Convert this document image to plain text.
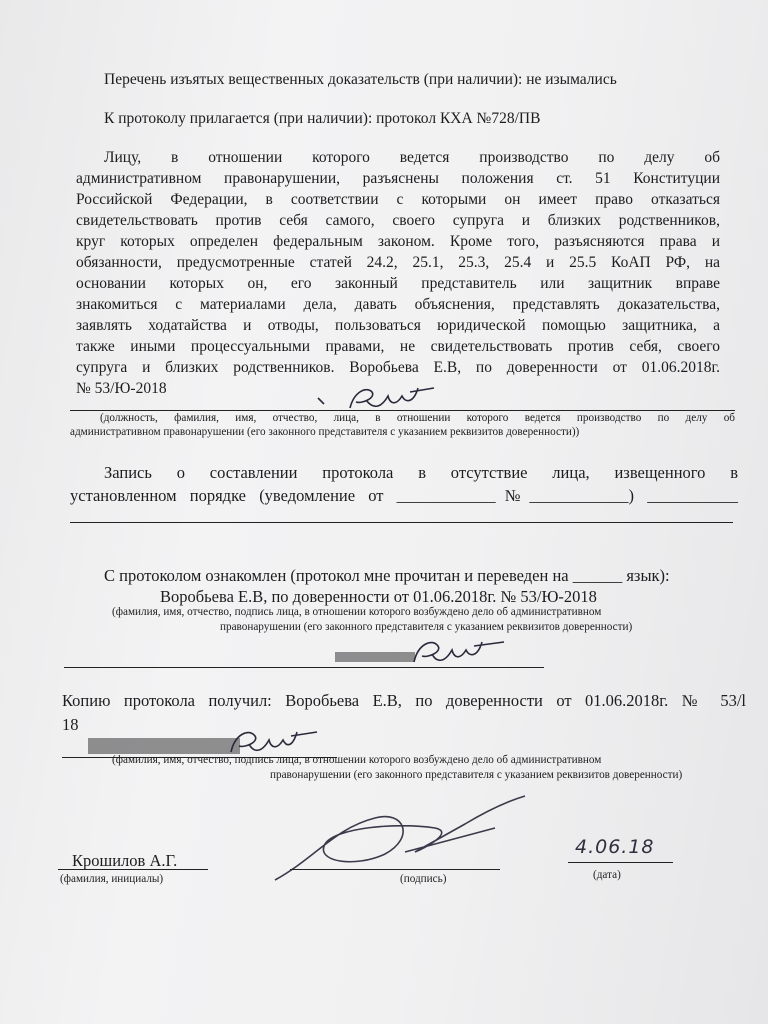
Перечень изъятых вещественных доказательств (при наличии): не изымались
К протоколу прилагается (при наличии): протокол КХА №728/ПВ
Лицу, в отношении которого ведется производство по делу об
административном правонарушении, разъяснены положения ст. 51 Конституции
Российской Федерации, в соответствии с которыми он имеет право отказаться
свидетельствовать против себя самого, своего супруга и близких родственников,
круг которых определен федеральным законом. Кроме того, разъясняются права и
обязанности, предусмотренные статей 24.2, 25.1, 25.3, 25.4 и 25.5 КоАП РФ, на
основании которых он, его законный представитель или защитник вправе
знакомиться с материалами дела, давать объяснения, представлять доказательства,
заявлять ходатайства и отводы, пользоваться юридической помощью защитника, а
также иными процессуальными правами, не свидетельствовать против себя, своего
супруга и близких родственников. Воробьева Е.В, по доверенности от 01.06.2018г.
№ 53/Ю-2018
(должность, фамилия, имя, отчество, лица, в отношении которого ведется производство по делу об
административном правонарушении (его законного представителя с указанием реквизитов доверенности))
Запись о составлении протокола в отсутствие лица, извещенного в
установленном порядке (уведомление от ____________№____________) ___________
С протоколом ознакомлен (протокол мне прочитан и переведен на ______ язык):
Воробьева Е.В, по доверенности от 01.06.2018г. № 53/Ю-2018
(фамилия, имя, отчество, подпись лица, в отношении которого возбуждено дело об административном
правонарушении (его законного представителя с указанием реквизитов доверенности)
Копию протокола получил: Воробьева Е.В, по доверенности от 01.06.2018г. № 53/l
18
(фамилия, имя, отчество, подпись лица, в отношении которого возбуждено дело об административном
правонарушении (его законного представителя с указанием реквизитов доверенности)
Крошилов А.Г.
(фамилия, инициалы)	(подпись)
4.06.18
(дата)
